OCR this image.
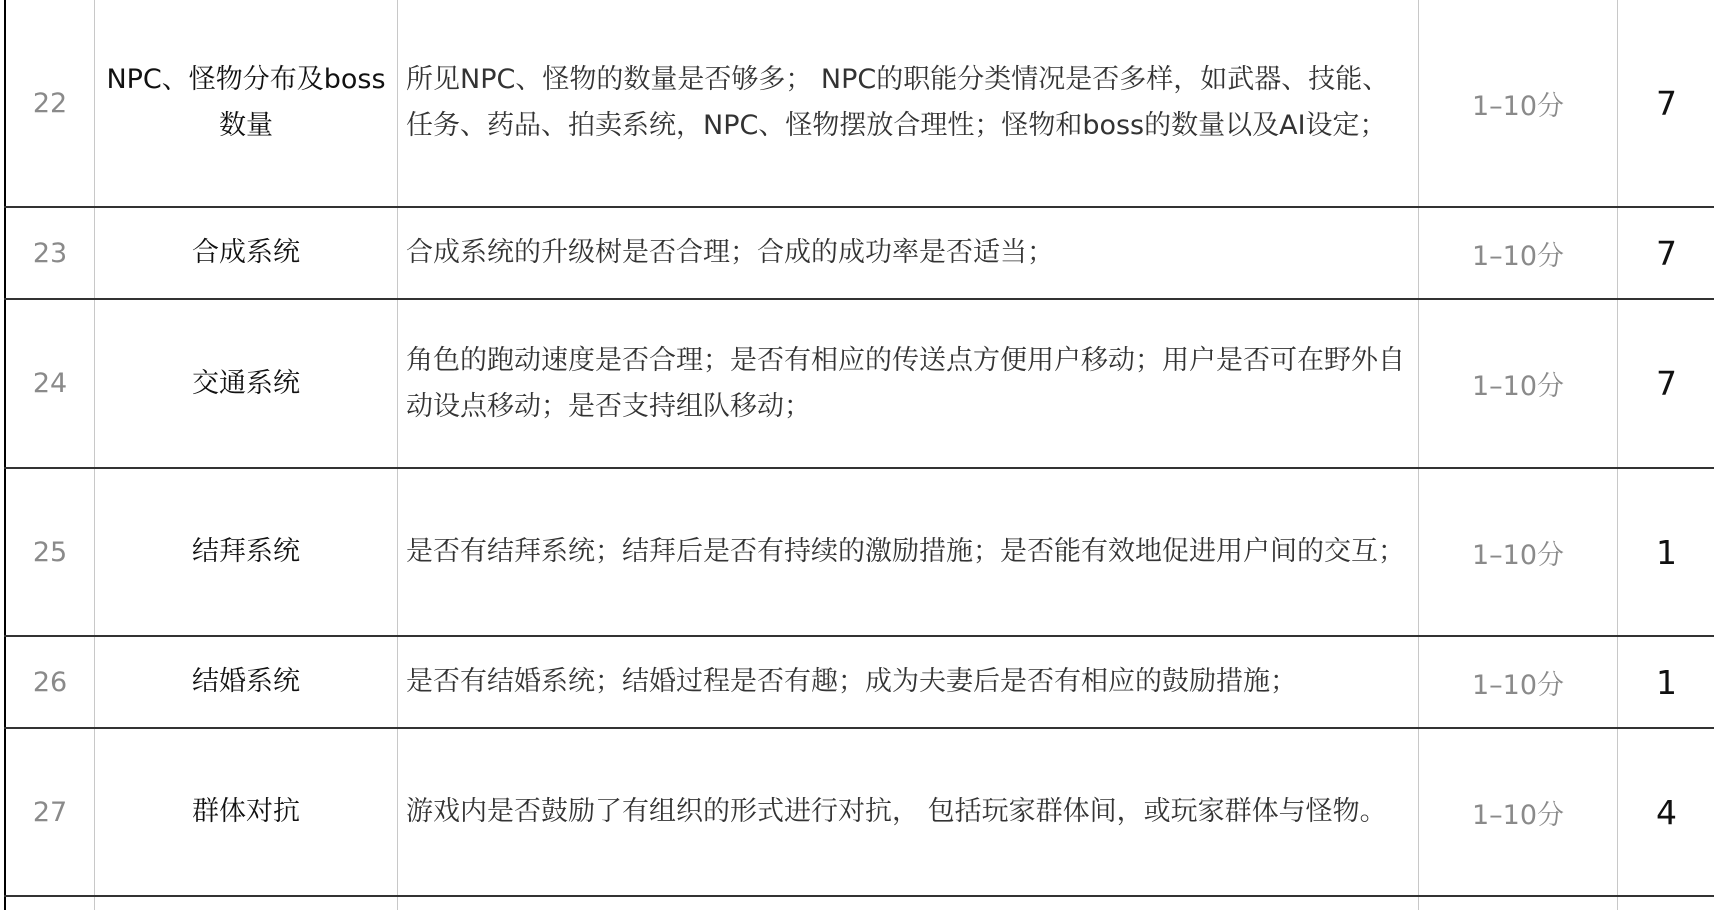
22	NPC、怪物分布及boss数量	所见NPC、怪物的数量是否够多； NPC的职能分类情况是否多样，如武器、技能、任务、药品、拍卖系统，NPC、怪物摆放合理性；怪物和boss的数量以及AI设定；	1–10分	7
23	合成系统	合成系统的升级树是否合理；合成的成功率是否适当；	1–10分	7
24	交通系统	角色的跑动速度是否合理；是否有相应的传送点方便用户移动；用户是否可在野外自动设点移动；是否支持组队移动；	1–10分	7
25	结拜系统	是否有结拜系统；结拜后是否有持续的激励措施；是否能有效地促进用户间的交互；	1–10分	1
26	结婚系统	是否有结婚系统；结婚过程是否有趣；成为夫妻后是否有相应的鼓励措施；	1–10分	1
27	群体对抗	游戏内是否鼓励了有组织的形式进行对抗， 包括玩家群体间，或玩家群体与怪物。	1–10分	4
